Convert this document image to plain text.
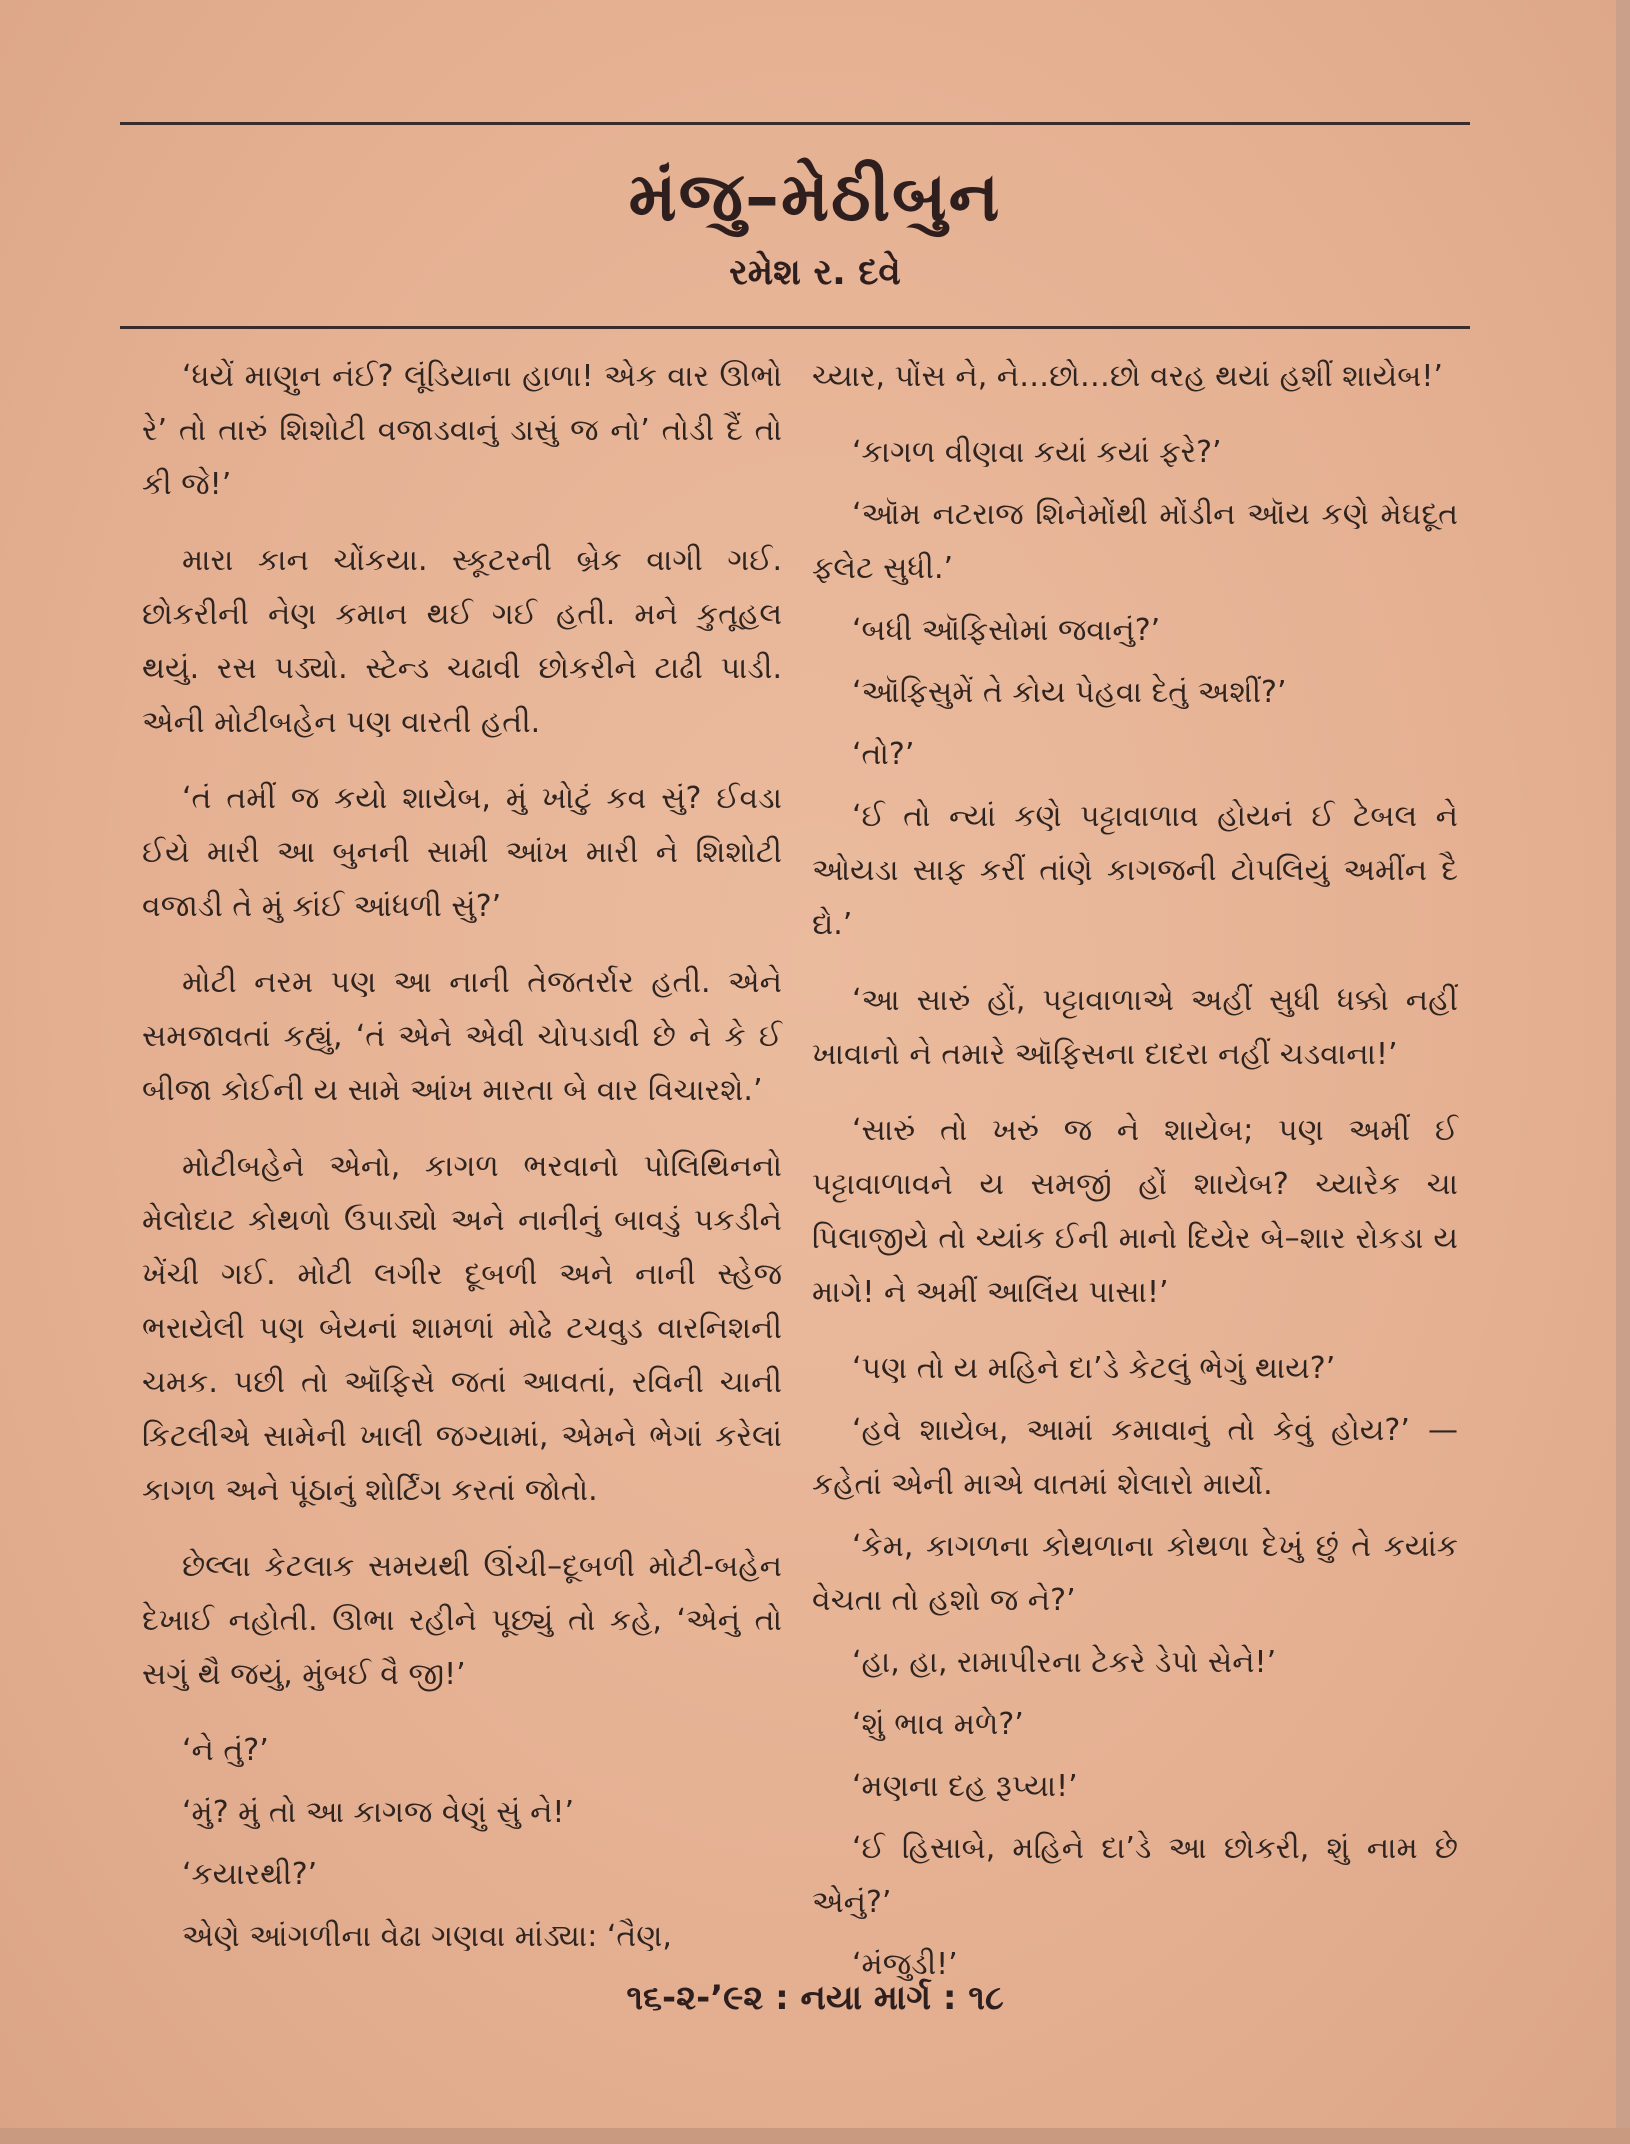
મંજુ–મેઠીબુન
રમેશ ર. દવે

‘ધયેં માણુન નંઈ? લૂંડિયાના હાળા! એક વાર ઊભો રે’ તો તારું શિશોટી વજાડવાનું ડાસું જ નો’ તોડી દૈં તો કી જે!’

મારા કાન ચોંકયા. સ્કૂટરની બ્રેક વાગી ગઈ. છોકરીની નેણ કમાન થઈ ગઈ હતી. મને કુતૂહલ થયું. રસ પડ્યો. સ્ટેન્ડ ચઢાવી છોકરીને ટાઢી પાડી. એની મોટીબહેન પણ વારતી હતી.

‘તં તમીં જ કયો શાયેબ, મું ખોટું કવ સું? ઈવડા ઈયે મારી આ બુનની સામી આંખ મારી ને શિશોટી વજાડી તે મું કાંઈ આંધળી સું?’

મોટી નરમ પણ આ નાની તેજતર્રાર હતી. એને સમજાવતાં કહ્યું, ‘તં એને એવી ચોપડાવી છે ને કે ઈ બીજા કોઈની ય સામે આંખ મારતા બે વાર વિચારશે.’

મોટીબહેને એનો, કાગળ ભરવાનો પોલિથિનનો મેલોદાટ કોથળો ઉપાડ્યો અને નાનીનું બાવડું પકડીને ખેંચી ગઈ. મોટી લગીર દૂબળી અને નાની સ્હેજ ભરાયેલી પણ બેયનાં શામળાં મોઢે ટચવુડ વારનિશની ચમક. પછી તો ઑફિસે જતાં આવતાં, રવિની ચાની કિટલીએ સામેની ખાલી જગ્યામાં, એમને ભેગાં કરેલાં કાગળ અને પૂંઠાનું શોર્ટિંગ કરતાં જોતો.

છેલ્લા કેટલાક સમયથી ઊંચી–દૂબળી મોટી-બહેન દેખાઈ નહોતી. ઊભા રહીને પૂછ્યું તો કહે, ‘એનું તો સગું થૈ જયું, મુંબઈ વૈ જી!’

‘ને તું?’

‘મું? મું તો આ કાગજ વેણું સું ને!’

‘કયારથી?’

એણે આંગળીના વેઢા ગણવા માંડ્યા: ‘તૈણ,

ચ્યાર, પોંસ ને, ને…છો…છો વરહ થયાં હશીં શાયેબ!’

‘કાગળ વીણવા કયાં કયાં ફરે?’

‘ઑમ નટરાજ શિનેમોંથી મોંડીન ઑય કણે મેઘદૂત ફલેટ સુધી.’

‘બધી ઑફિસોમાં જવાનું?’

‘ઑફિસુમેં તે કોય પેહવા દેતું અશીં?’

‘તો?’

‘ઈ તો ન્યાં કણે પટ્ટાવાળાવ હોયનં ઈ ટેબલ ને ઓયડા સાફ કરીં તાંણે કાગજની ટોપલિયું અમીંન દૈ દ્યે.’

‘આ સારું હોં, પટ્ટાવાળાએ અહીં સુધી ધક્કો નહીં ખાવાનો ને તમારે ઑફિસના દાદરા નહીં ચડવાના!’

‘સારું તો ખરું જ ને શાયેબ; પણ અમીં ઈ પટ્ટાવાળાવને ય સમજીં હોં શાયેબ? ચ્યારેક ચા પિલાજીયે તો ચ્યાંક ઈની માનો દિયેર બે–શાર રોકડા ય માગે! ને અમીં આલિંય પાસા!’

‘પણ તો ય મહિને દા’ડે કેટલું ભેગું થાય?’

‘હવે શાયેબ, આમાં કમાવાનું તો કેવું હોય?’ —કહેતાં એની માએ વાતમાં શેલારો માર્યો.

‘કેમ, કાગળના કોથળાના કોથળા દેખું છું તે કયાંક વેચતા તો હશો જ ને?’

‘હા, હા, રામાપીરના ટેકરે ડેપો સેને!’

‘શું ભાવ મળે?’

‘મણના દહ રૂપ્યા!’

‘ઈ હિસાબે, મહિને દા’ડે આ છોકરી, શું નામ છે એનું?’

‘મંજુડી!’

૧૬-૨-’૯૨ : નયા માર્ગ : ૧૮
